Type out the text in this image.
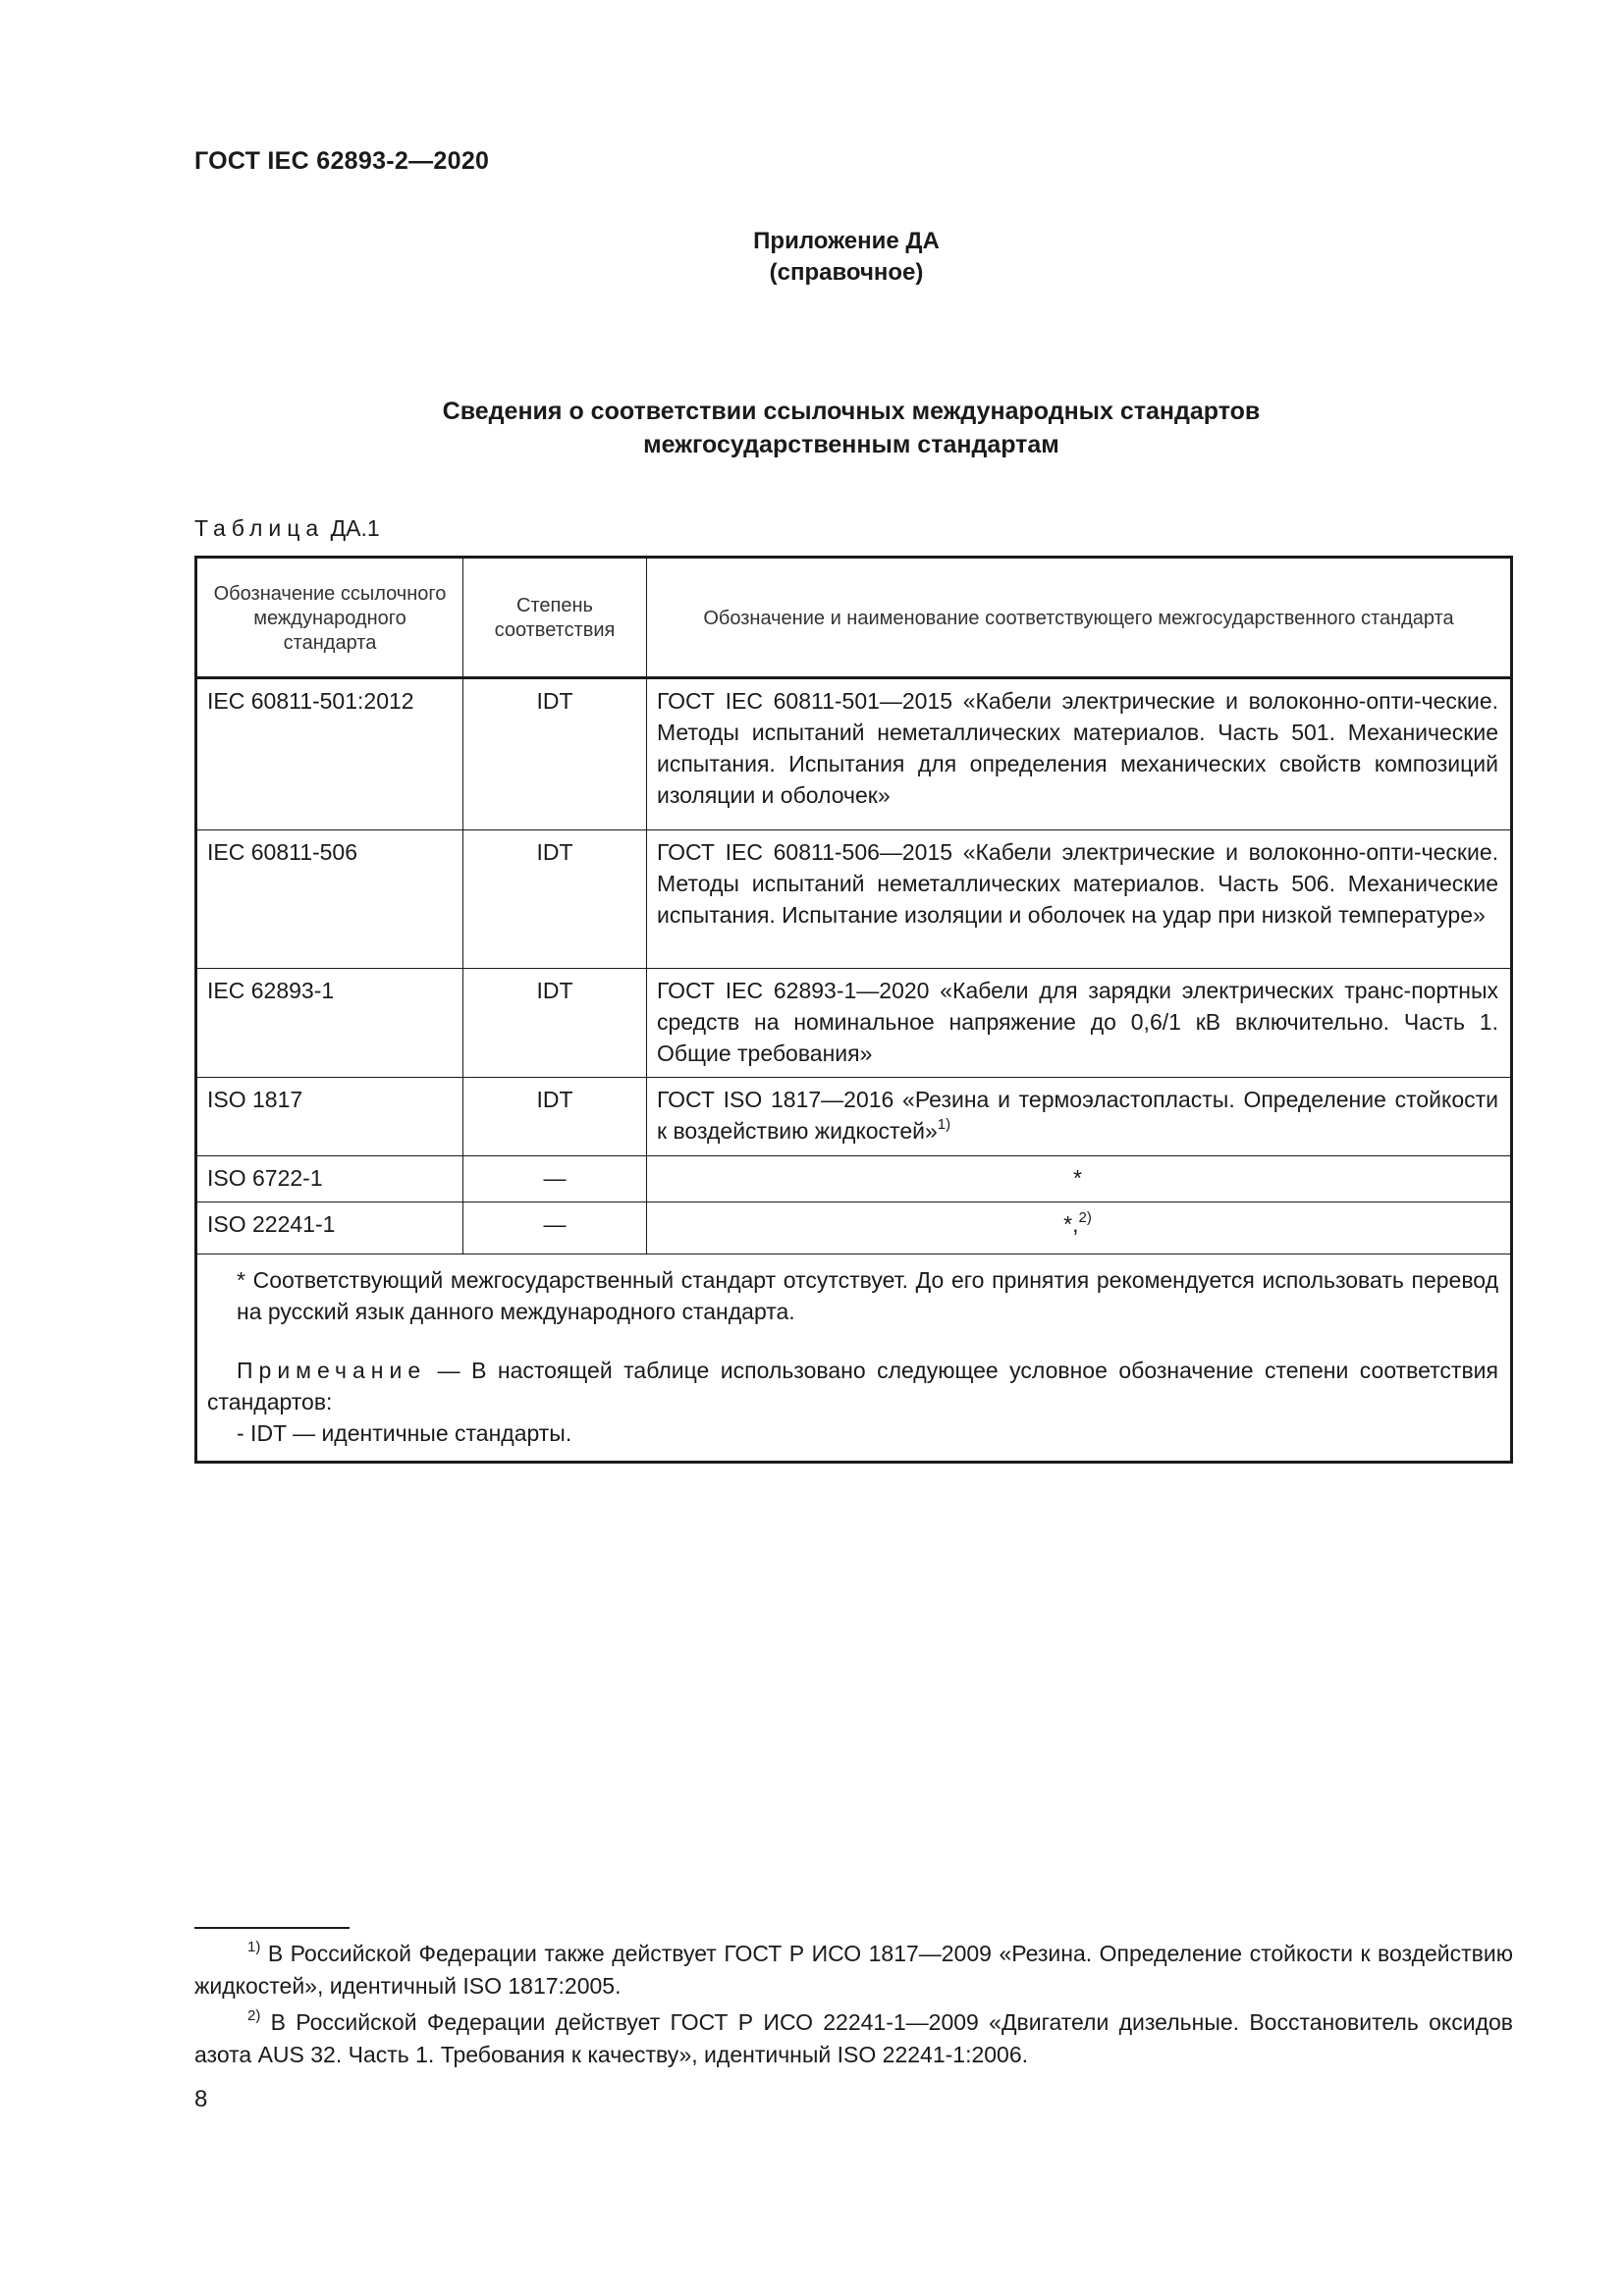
ГОСТ IEC 62893-2—2020
Приложение ДА
(справочное)
Сведения о соответствии ссылочных международных стандартов
межгосударственным стандартам
Таблица ДА.1
Обозначение ссылочного международного стандарта	Степень соответствия	Обозначение и наименование соответствующего межгосударственного стандарта
IEC 60811-501:2012	IDT	ГОСТ IEC 60811-501—2015 «Кабели электрические и волоконно-опти-ческие. Методы испытаний неметаллических материалов. Часть 501. Механические испытания. Испытания для определения механических свойств композиций изоляции и оболочек»
IEC 60811-506	IDT	ГОСТ IEC 60811-506—2015 «Кабели электрические и волоконно-опти-ческие. Методы испытаний неметаллических материалов. Часть 506. Механические испытания. Испытание изоляции и оболочек на удар при низкой температуре»
IEC 62893-1	IDT	ГОСТ IEC 62893-1—2020 «Кабели для зарядки электрических транс-портных средств на номинальное напряжение до 0,6/1 кВ включительно. Часть 1. Общие требования»
ISO 1817	IDT	ГОСТ ISO 1817—2016 «Резина и термоэластопласты. Определение стойкости к воздействию жидкостей»$^{1)}$
ISO 6722-1	—	*
ISO 22241-1	—	*,$^{2)}$

* Соответствующий межгосударственный стандарт отсутствует. До его принятия рекомендуется использовать перевод на русский язык данного международного стандарта.

Примечание — В настоящей таблице использовано следующее условное обозначение степени соответствия стандартов:

- IDT — идентичные стандарты.		

$^{1)}$ В Российской Федерации также действует ГОСТ Р ИСО 1817—2009 «Резина. Определение стойкости к воздействию жидкостей», идентичный ISO 1817:2005.
$^{2)}$ В Российской Федерации действует ГОСТ Р ИСО 22241-1—2009 «Двигатели дизельные. Восстановитель оксидов азота AUS 32. Часть 1. Требования к качеству», идентичный ISO 22241-1:2006.
8
